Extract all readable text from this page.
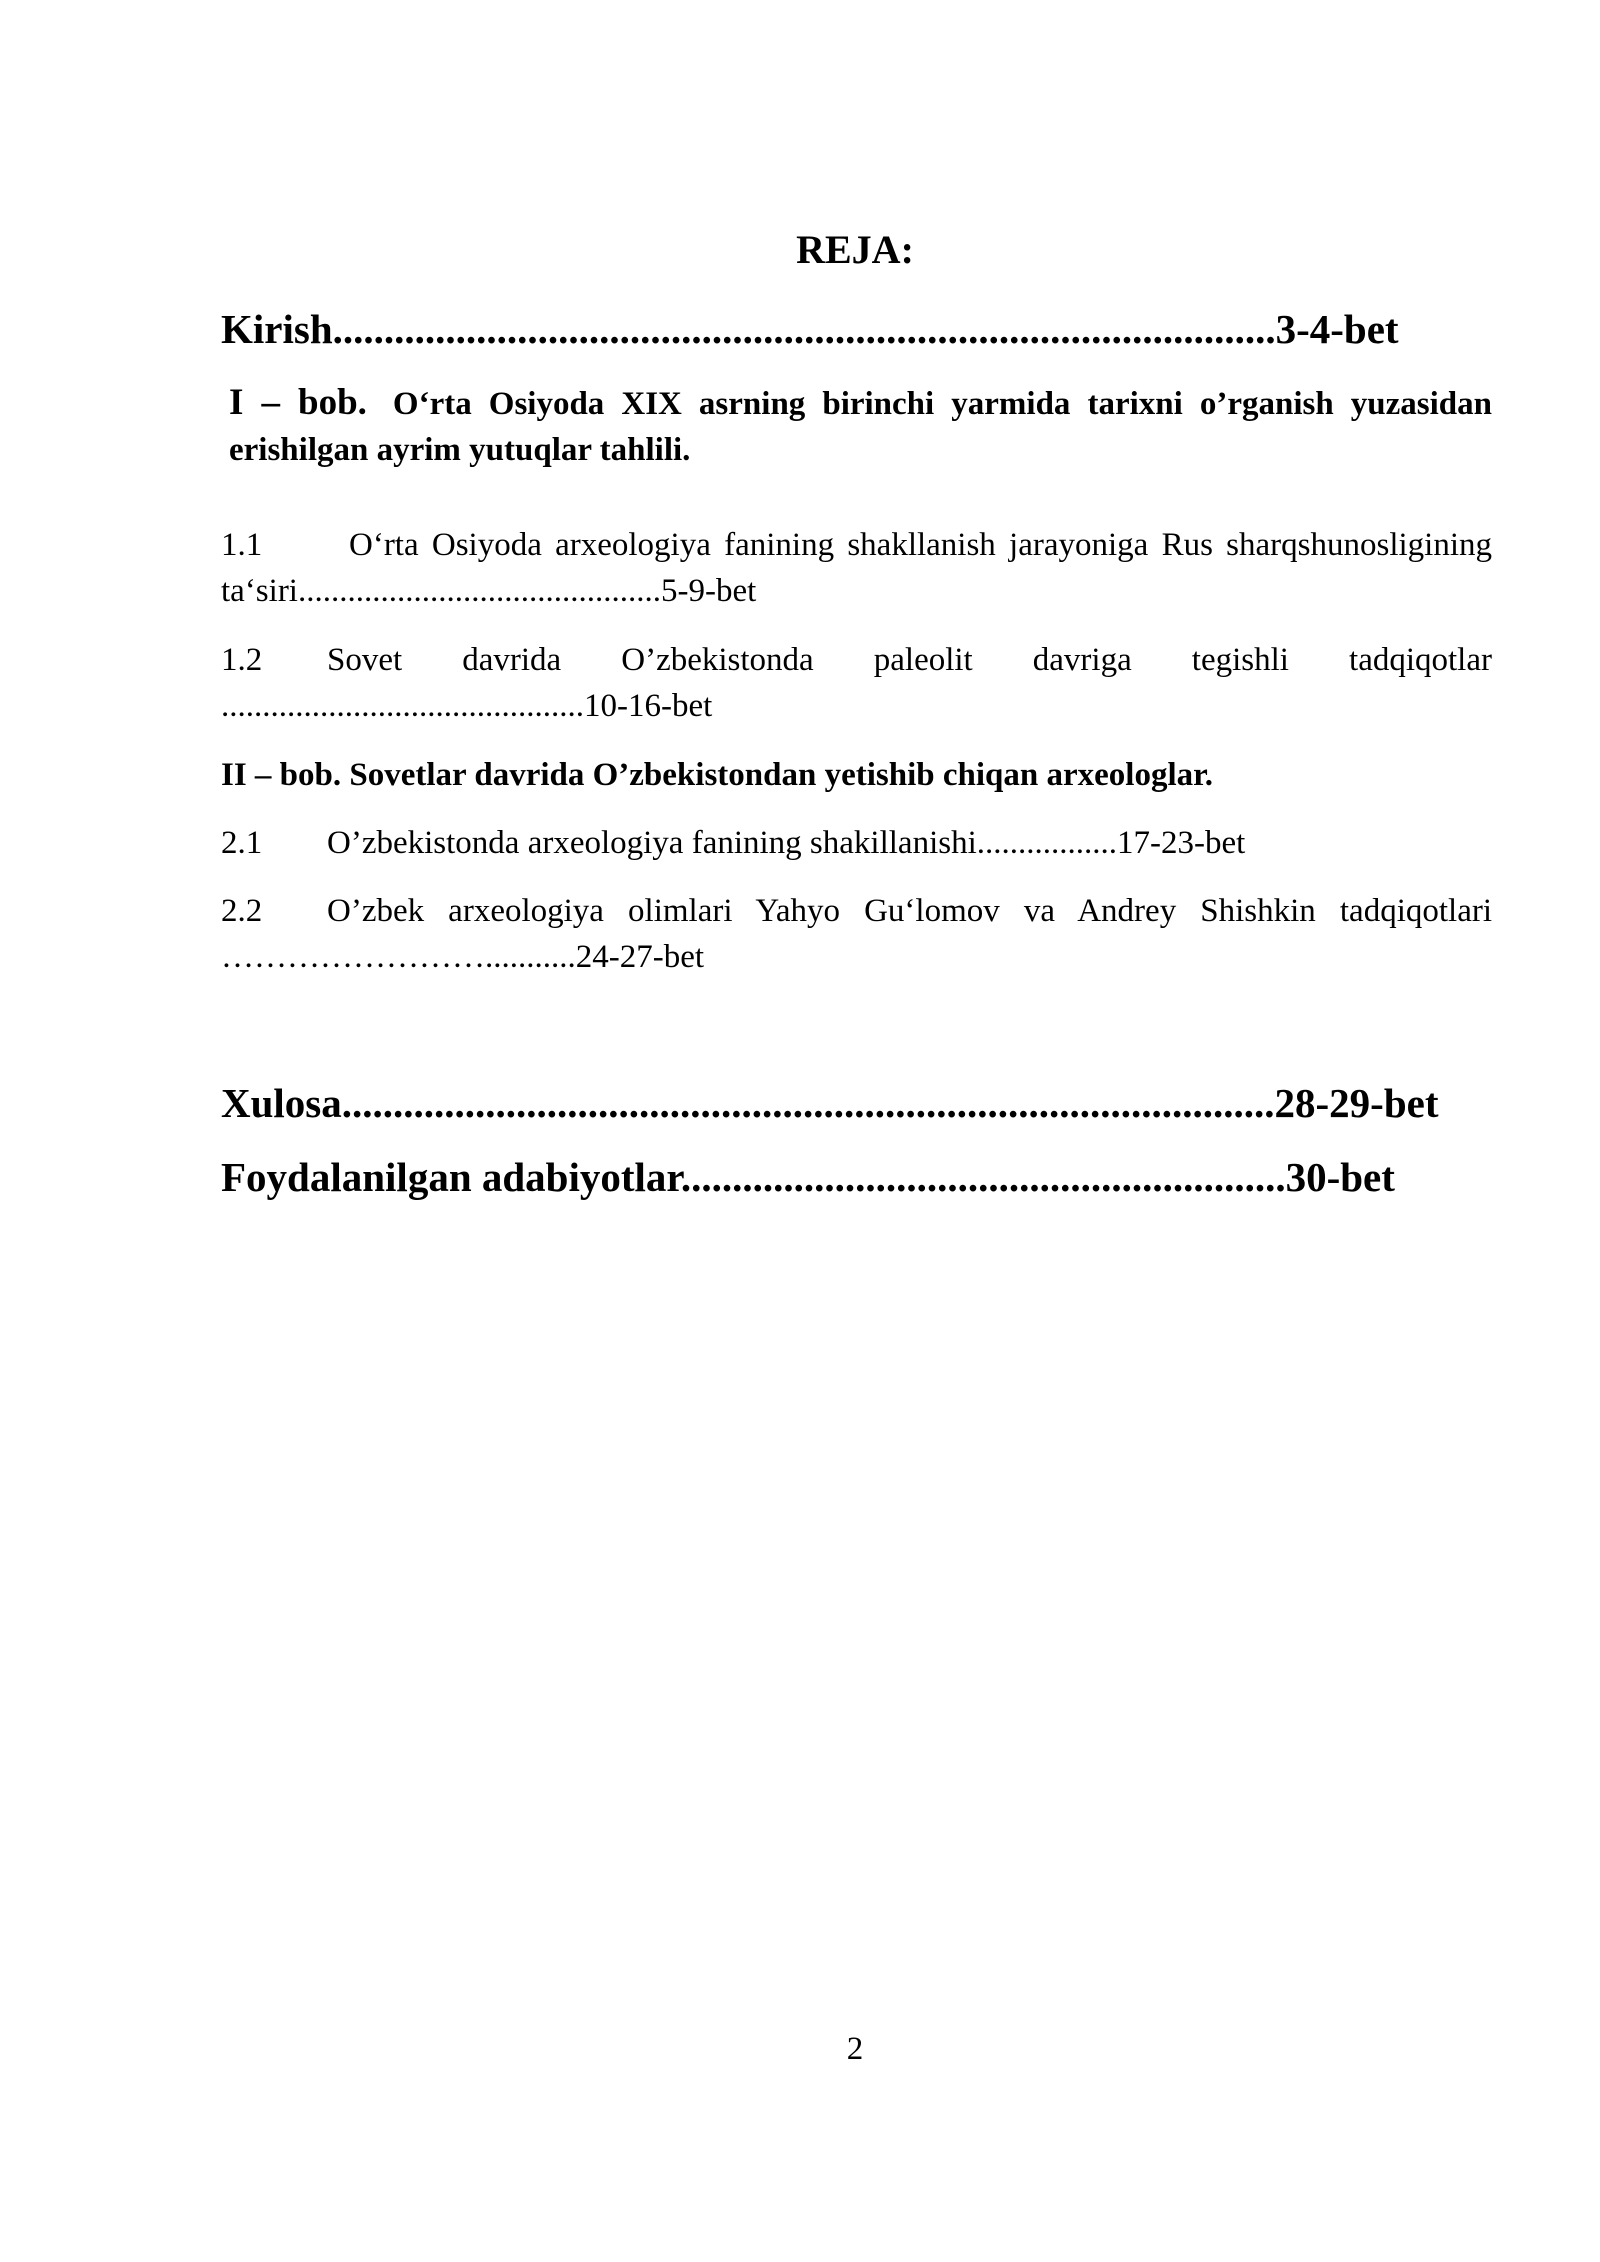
REJA:
Kirish............................................................................................3-4-bet
I – bob. O‘rta Osiyoda XIX asrning birinchi yarmida tarixni o’rganish yuzasidan erishilgan ayrim yutuqlar tahlili.
1.1	O‘rta Osiyoda arxeologiya fanining shakllanish jarayoniga Rus sharqshunosligining ta‘siri............................................5-9-bet
1.2 Sovet davrida O’zbekistonda paleolit davriga tegishli tadqiqotlar ............................................10-16-bet
II – bob. Sovetlar davrida O’zbekistondan yetishib chiqan arxeologlar.
2.1 O’zbekistonda arxeologiya fanining shakillanishi.................17-23-bet
2.2 O’zbek arxeologiya olimlari Yahyo Gu‘lomov va Andrey Shishkin tadqiqotlari ……………………...........24-27-bet
Xulosa...........................................................................................28-29-bet
Foydalanilgan adabiyotlar...........................................................30-bet
2
